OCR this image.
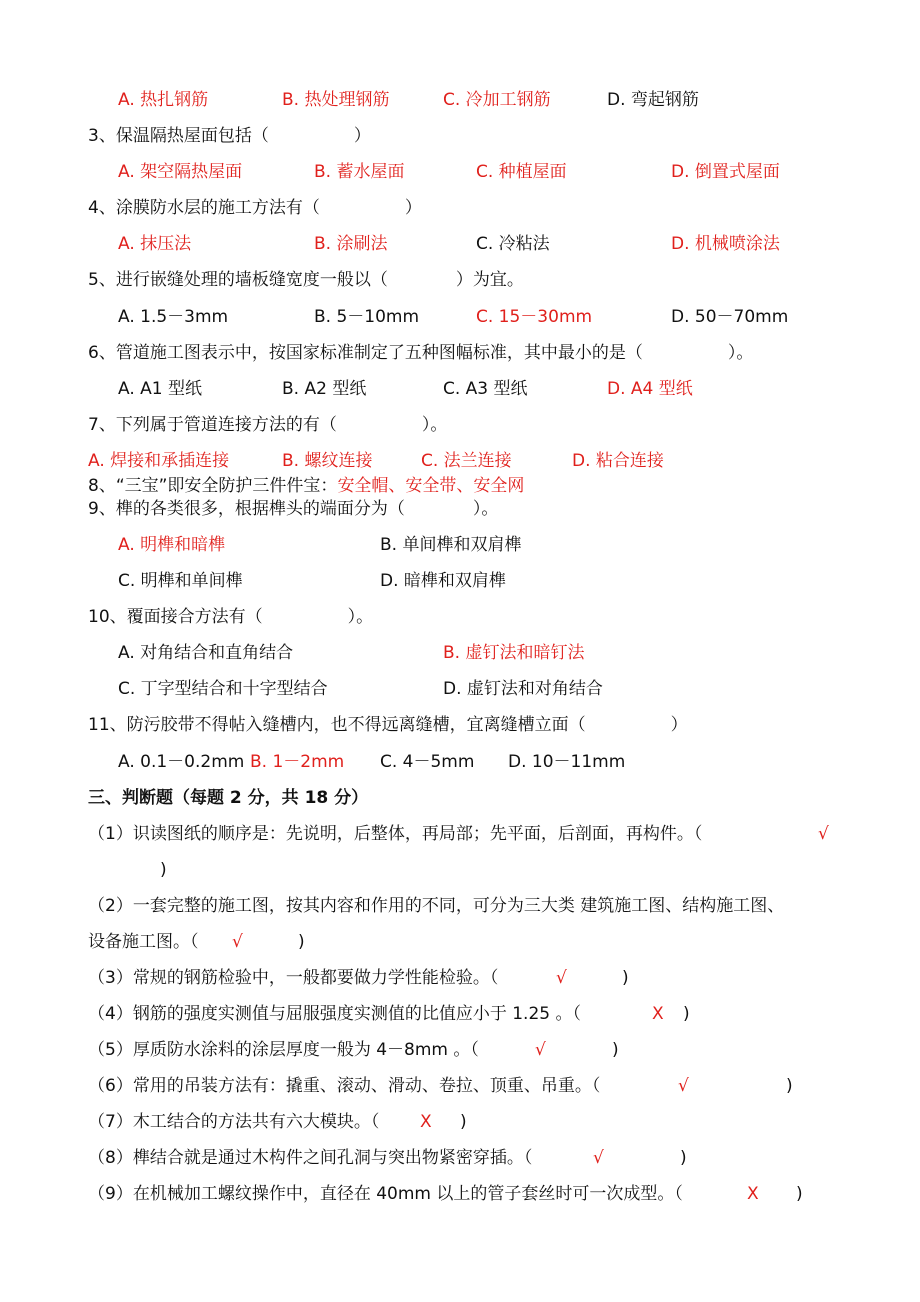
A. 热扎钢筋	B. 热处理钢筋	C. 冷加工钢筋	D. 弯起钢筋
3、保温隔热屋面包括（　　　　　）
A. 架空隔热屋面	B. 蓄水屋面	C. 种植屋面	D. 倒置式屋面
4、涂膜防水层的施工方法有（　　　　　）
A. 抹压法	B. 涂刷法	C. 冷粘法	D. 机械喷涂法
5、进行嵌缝处理的墙板缝宽度一般以（　　　　）为宜。
A. 1.5－3mm	B. 5－10mm	C. 15－30mm	D. 50－70mm
6、管道施工图表示中，按国家标准制定了五种图幅标准，其中最小的是（　　　　　）。
A. A1 型纸	B. A2 型纸	C. A3 型纸	D. A4 型纸
7、下列属于管道连接方法的有（　　　　　）。
A. 焊接和承插连接	B. 螺纹连接	C. 法兰连接	D. 粘合连接
8、“三宝”即安全防护三件件宝：安全帽、安全带、安全网
9、榫的各类很多，根据榫头的端面分为（　　　　）。
A. 明榫和暗榫	B. 单间榫和双肩榫
C. 明榫和单间榫	D. 暗榫和双肩榫
10、覆面接合方法有（　　　　　）。
A. 对角结合和直角结合	B. 虚钉法和暗钉法
C. 丁字型结合和十字型结合	D. 虚钉法和对角结合
11、防污胶带不得帖入缝槽内，也不得远离缝槽，宜离缝槽立面（　　　　　）
A. 0.1－0.2mm B. 1－2mm C. 4－5mm D. 10－11mm
三、判断题（每题 2 分，共 18 分）
（1）识读图纸的顺序是：先说明，后整体，再局部；先平面，后剖面，再构件。（	√
)
（2）一套完整的施工图，按其内容和作用的不同，可分为三大类 建筑施工图、结构施工图、
设备施工图。（ √	)
（3）常规的钢筋检验中，一般都要做力学性能检验。（	√	)
（4）钢筋的强度实测值与屈服强度实测值的比值应小于 1.25 。（	X )
（5）厚质防水涂料的涂层厚度一般为 4－8mm 。（	√	)
（6）常用的吊装方法有：撬重、滚动、滑动、卷拉、顶重、吊重。（	√	)
（7）木工结合的方法共有六大模块。（ X )
（8）榫结合就是通过木构件之间孔洞与突出物紧密穿插。（	√	)
（9）在机械加工螺纹操作中，直径在 40mm 以上的管子套丝时可一次成型。（	X )
